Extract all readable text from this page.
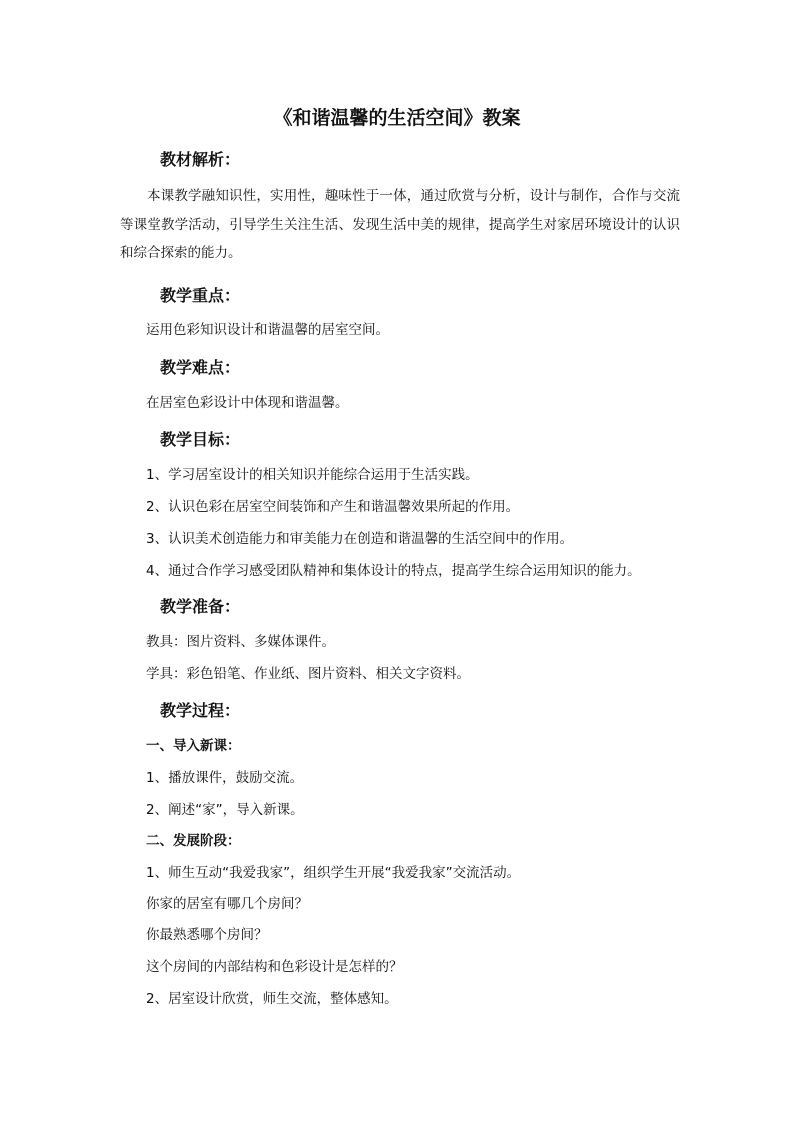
《和谐温馨的生活空间》教案
教材解析：
本课教学融知识性，实用性，趣味性于一体，通过欣赏与分析，设计与制作，合作与交流等课堂教学活动，引导学生关注生活、发现生活中美的规律，提高学生对家居环境设计的认识和综合探索的能力。
教学重点：
运用色彩知识设计和谐温馨的居室空间。
教学难点：
在居室色彩设计中体现和谐温馨。
教学目标：
1、学习居室设计的相关知识并能综合运用于生活实践。
2、认识色彩在居室空间装饰和产生和谐温馨效果所起的作用。
3、认识美术创造能力和审美能力在创造和谐温馨的生活空间中的作用。
4、通过合作学习感受团队精神和集体设计的特点，提高学生综合运用知识的能力。
教学准备：
教具：图片资料、多媒体课件。
学具：彩色铅笔、作业纸、图片资料、相关文字资料。
教学过程：
一、导入新课：
1、播放课件，鼓励交流。
2、阐述“家”，导入新课。
二、发展阶段：
1、师生互动“我爱我家”，组织学生开展“我爱我家”交流活动。
你家的居室有哪几个房间？
你最熟悉哪个房间？
这个房间的内部结构和色彩设计是怎样的？
2、居室设计欣赏，师生交流，整体感知。
